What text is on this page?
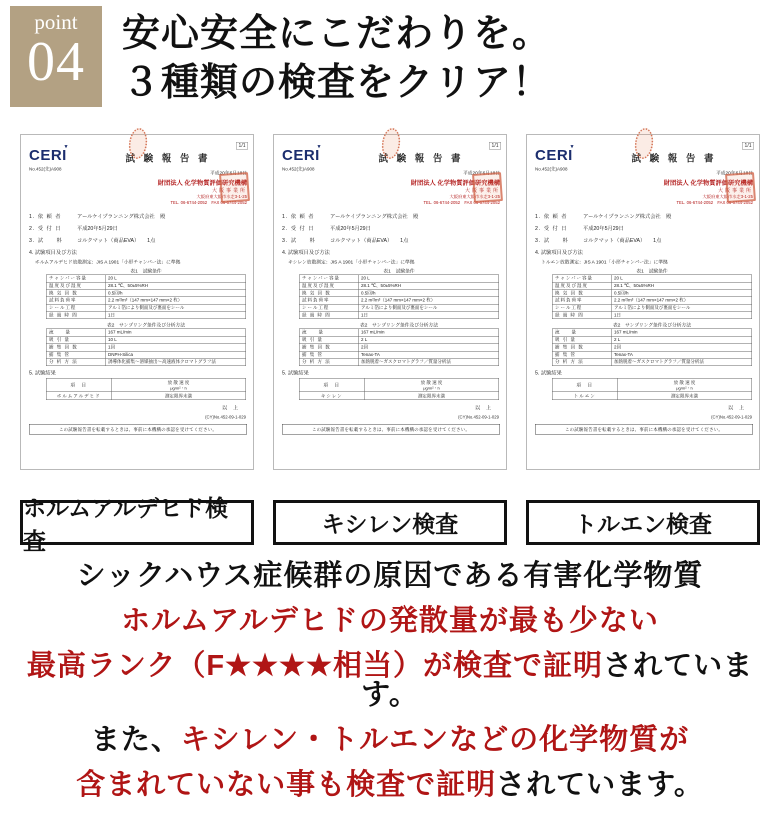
point
04 安心安全にこだわりを。
３種類の検査をクリア！
1/1
CERI
▾
No.452(先)A908
試 験 報 告 書
平成20年6月18日
財団法人 化学物質評価研究機構
大阪事業所
大阪府東大阪市水走3-1-25
TEL. 06-6744-2052　FAX 06-6744-2052
1. 依 頼 者	アールケイプランニング株式会社　殿
2. 受 付 日	平成20年5月29日
3. 試　　料	コルクマット（商品EVA）　　1点
4. 試験項目及び方法
ホルムアルデヒド放散測定：JIS A 1901「小形チャンバー法」に準拠
表1　試験条件
チャンバー容量	20 L
温度及び湿度	28.1 ℃、50±5%RH
換 気 回 数	0.5回/h
試料負荷率	2.2 m²/m³（147 mm×147 mm×2 枚）
シール工程	アルミ箔により側面及び裏面をシール
経 過 時 間	1日
表2　サンプリング条件及び分析方法
流　　量	167 mL/min
吸 引 量	10 L
捕 集 回 数	1回
捕 集 管	DNPH-Silica
分 析 方 法	誘導体化捕集～溶媒抽出～高速液体クロマトグラフ法
5. 試験結果
項　目	放 散 速 度
μg/m²・h

ホルムアルデヒド	測定限界未満
以 上
(CY)No.452-09-1-029
この試験報告書を転載するときは、事前に本機構の承認を受けてください。
1/1
CERI
▾
No.452(先)A908
試 験 報 告 書
平成20年6月18日
財団法人 化学物質評価研究機構
大阪事業所
大阪府東大阪市水走3-1-25
TEL. 06-6744-2052　FAX 06-6744-2052
1. 依 頼 者	アールケイプランニング株式会社　殿
2. 受 付 日	平成20年5月29日
3. 試　　料	コルクマット（商品EVA）　　1点
4. 試験項目及び方法
キシレン放散測定：JIS A 1901「小形チャンバー法」に準拠
表1　試験条件
チャンバー容量	20 L
温度及び湿度	28.1 ℃、50±5%RH
換 気 回 数	0.5回/h
試料負荷率	2.2 m²/m³（147 mm×147 mm×2 枚）
シール工程	アルミ箔により側面及び裏面をシール
経 過 時 間	1日
表2　サンプリング条件及び分析方法
流　　量	167 mL/min
吸 引 量	2 L
捕 集 回 数	2回
捕 集 管	Tenax-TA
分 析 方 法	加熱脱着～ガスクロマトグラフ／質量分析法
5. 試験結果
項　目	放 散 速 度
μg/m²・h

キシレン	測定限界未満
以 上
(CY)No.452-09-1-029
この試験報告書を転載するときは、事前に本機構の承認を受けてください。
1/1
CERI
▾
No.452(先)A908
試 験 報 告 書
平成20年6月18日
財団法人 化学物質評価研究機構
大阪事業所
大阪府東大阪市水走3-1-25
TEL. 06-6744-2052　FAX 06-6744-2052
1. 依 頼 者	アールケイプランニング株式会社　殿
2. 受 付 日	平成20年5月29日
3. 試　　料	コルクマット（商品EVA）　　1点
4. 試験項目及び方法
トルエン放散測定：JIS A 1901「小形チャンバー法」に準拠
表1　試験条件
チャンバー容量	20 L
温度及び湿度	28.1 ℃、50±5%RH
換 気 回 数	0.5回/h
試料負荷率	2.2 m²/m³（147 mm×147 mm×2 枚）
シール工程	アルミ箔により側面及び裏面をシール
経 過 時 間	1日
表2　サンプリング条件及び分析方法
流　　量	167 mL/min
吸 引 量	2 L
捕 集 回 数	2回
捕 集 管	Tenax-TA
分 析 方 法	加熱脱着～ガスクロマトグラフ／質量分析法
5. 試験結果
項　目	放 散 速 度
μg/m²・h

トルエン	測定限界未満
以 上
(CY)No.452-09-1-029
この試験報告書を転載するときは、事前に本機構の承認を受けてください。
ホルムアルデヒド検査
キシレン検査	トルエン検査
シックハウス症候群の原因である有害化学物質
ホルムアルデヒドの発散量が最も少ない
最高ランク（F★★★★相当）が検査で証明されています。
また、キシレン・トルエンなどの化学物質が
含まれていない事も検査で証明されています。
